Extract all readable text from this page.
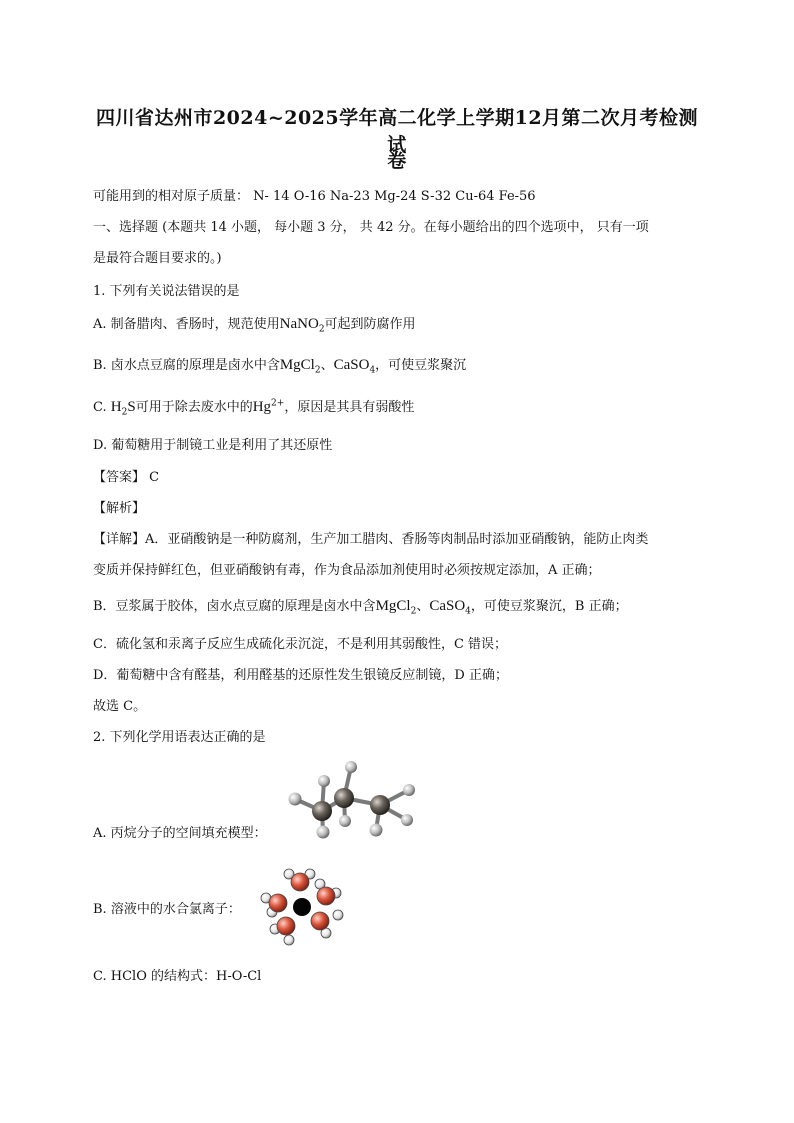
四川省达州市2024~2025学年高二化学上学期12月第二次月考检测试
卷
可能用到的相对原子质量： N- 14 O-16 Na-23 Mg-24 S-32 Cu-64 Fe-56
一、选择题 (本题共 14 小题， 每小题 3 分， 共 42 分。在每小题给出的四个选项中， 只有一项
是最符合题目要求的。)
1. 下列有关说法错误的是
A. 制备腊肉、香肠时，规范使用NaNO$_2$可起到防腐作用
B. 卤水点豆腐的原理是卤水中含MgCl$_2$、CaSO$_4$，可使豆浆聚沉
C. $H_2S$可用于除去废水中的$Hg^{2+}$，原因是其具有弱酸性
D. 葡萄糖用于制镜工业是利用了其还原性
【答案】 C
【解析】
【详解】A．亚硝酸钠是一种防腐剂，生产加工腊肉、香肠等肉制品时添加亚硝酸钠，能防止肉类
变质并保持鲜红色，但亚硝酸钠有毒，作为食品添加剂使用时必须按规定添加，A 正确；
B．豆浆属于胶体，卤水点豆腐的原理是卤水中含MgCl$_2$、CaSO$_4$，可使豆浆聚沉，B 正确；
C．硫化氢和汞离子反应生成硫化汞沉淀，不是利用其弱酸性，C 错误；
D．葡萄糖中含有醛基，利用醛基的还原性发生银镜反应制镜，D 正确；
故选 C。
2. 下列化学用语表达正确的是
A. 丙烷分子的空间填充模型：
B. 溶液中的水合氯离子：
C. HClO 的结构式：H-O-Cl
